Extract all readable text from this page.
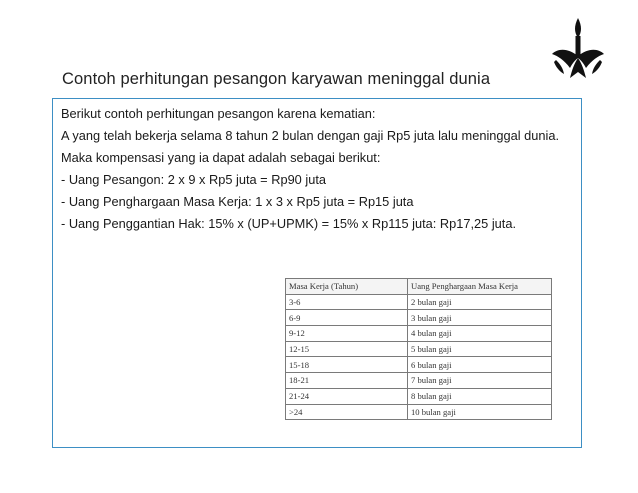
Contoh perhitungan pesangon karyawan meninggal dunia

Berikut contoh perhitungan pesangon karena kematian:

A yang telah bekerja selama 8 tahun 2 bulan dengan gaji Rp5 juta lalu meninggal dunia.

Maka kompensasi yang ia dapat adalah sebagai berikut:

- Uang Pesangon: 2 x 9 x Rp5 juta = Rp90 juta

- Uang Penghargaan Masa Kerja: 1 x 3 x Rp5 juta = Rp15 juta

- Uang Penggantian Hak: 15% x (UP+UPMK) = 15% x Rp115 juta: Rp17,25 juta.

Masa Kerja (Tahun)	Uang Penghargaan Masa Kerja
3-6	2 bulan gaji
6-9	3 bulan gaji
9-12	4 bulan gaji
12-15	5 bulan gaji
15-18	6 bulan gaji
18-21	7 bulan gaji
21-24	8 bulan gaji
>24	10 bulan gaji
